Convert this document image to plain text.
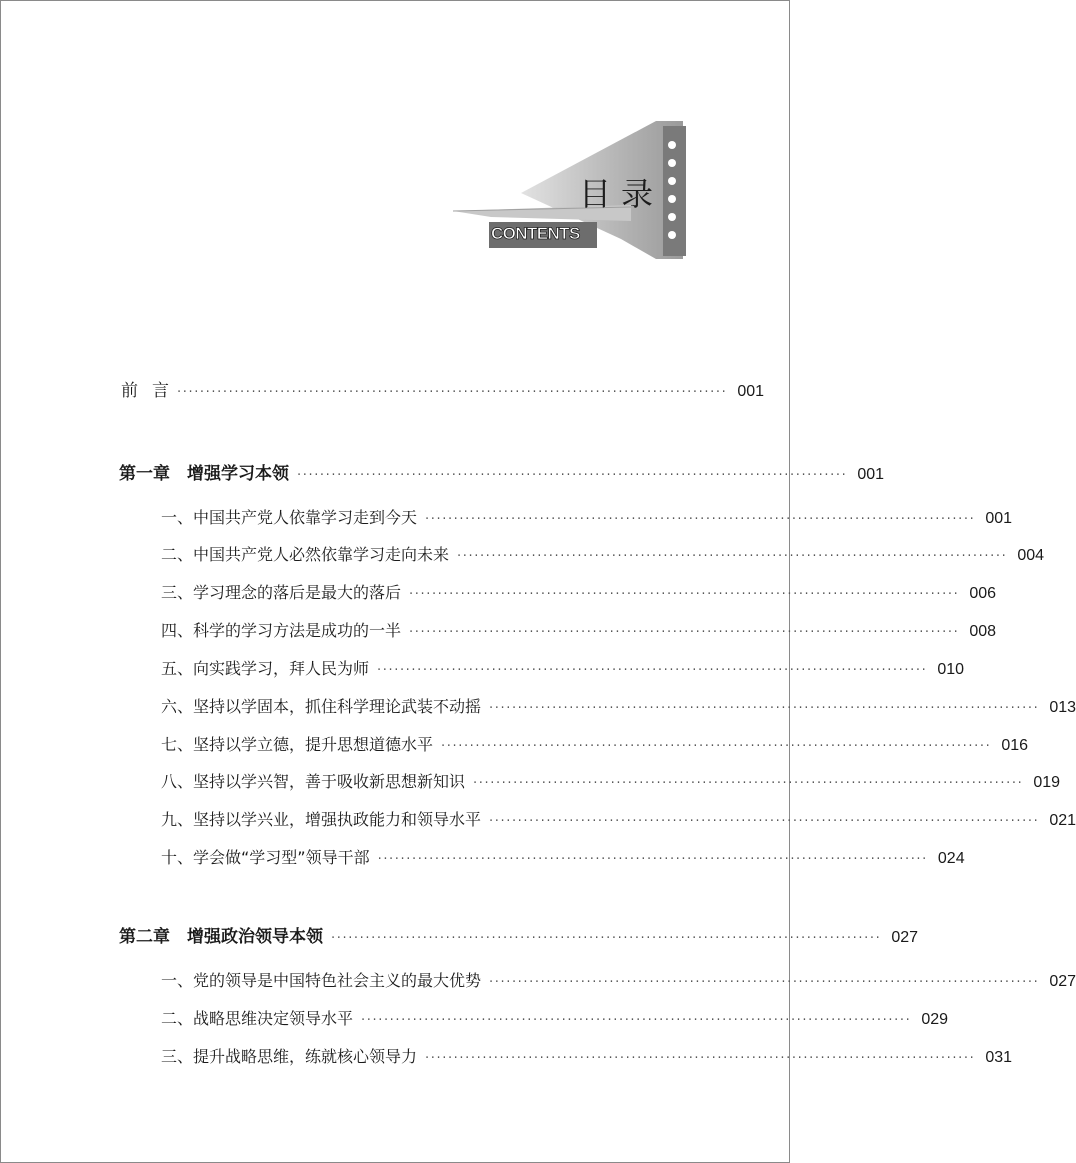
目录
CONTENTS
前言
································································································ 001
第一章　增强学习本领 ································································································ 001
一、中国共产党人依靠学习走到今天 ································································································ 001
二、中国共产党人必然依靠学习走向未来 ································································································ 004
三、学习理念的落后是最大的落后 ································································································ 006
四、科学的学习方法是成功的一半 ································································································ 008
五、向实践学习，拜人民为师 ································································································ 010
六、坚持以学固本，抓住科学理论武装不动摇 ································································································ 013
七、坚持以学立德，提升思想道德水平 ································································································ 016
八、坚持以学兴智，善于吸收新思想新知识 ································································································ 019
九、坚持以学兴业，增强执政能力和领导水平 ································································································ 021
十、学会做“学习型”领导干部 ································································································ 024
第二章　增强政治领导本领 ································································································ 027
一、党的领导是中国特色社会主义的最大优势 ································································································ 027
二、战略思维决定领导水平 ································································································ 029
三、提升战略思维，练就核心领导力 ································································································ 031
